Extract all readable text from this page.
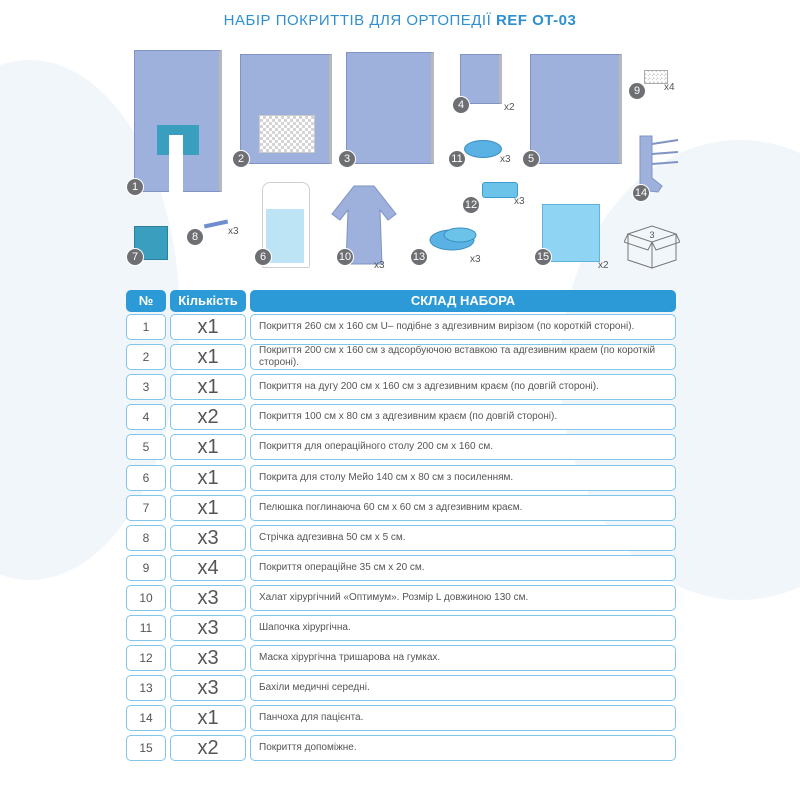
НАБІР ПОКРИТТІВ ДЛЯ ОРТОПЕДІЇ REF OT-03
1
2	3
4	x2
5
9	x4
11	x3
12	x3
14
7
8	x3
6	10
x3
13	x3	15
x2
3
№	Кількість	СКЛАД НАБОРА
1	x1	Покриття 260 см х 160 см U– подібне з адгезивним вирізом (по короткій стороні).
2	x1	Покриття 200 см х 160 см з адсорбуючою вставкою та адгезивним краем (по короткій стороні).
3	x1	Покриття на дугу 200 см х 160 см з адгезивним краєм (по довгій стороні).
4	x2	Покриття 100 см х 80 см з адгезивним краєм (по довгій стороні).
5	x1	Покриття для операційного столу 200 см х 160 см.
6	x1	Покрита для столу Мейо 140 см х 80 см з посиленням.
7	x1	Пелюшка поглинаюча 60 см х 60 см з адгезивним краєм.
8	x3	Стрічка адгезивна 50 см х 5 см.
9	x4	Покриття операційне 35 см х 20 см.
10	x3	Халат хірургічний «Оптимум». Розмір L довжиною 130 см.
11	x3	Шапочка хірургічна.
12	x3	Маска хірургічна тришарова на гумках.
13	x3	Бахіли медичні середні.
14	x1	Панчоха для пацієнта.
15	x2	Покриття допоміжне.
